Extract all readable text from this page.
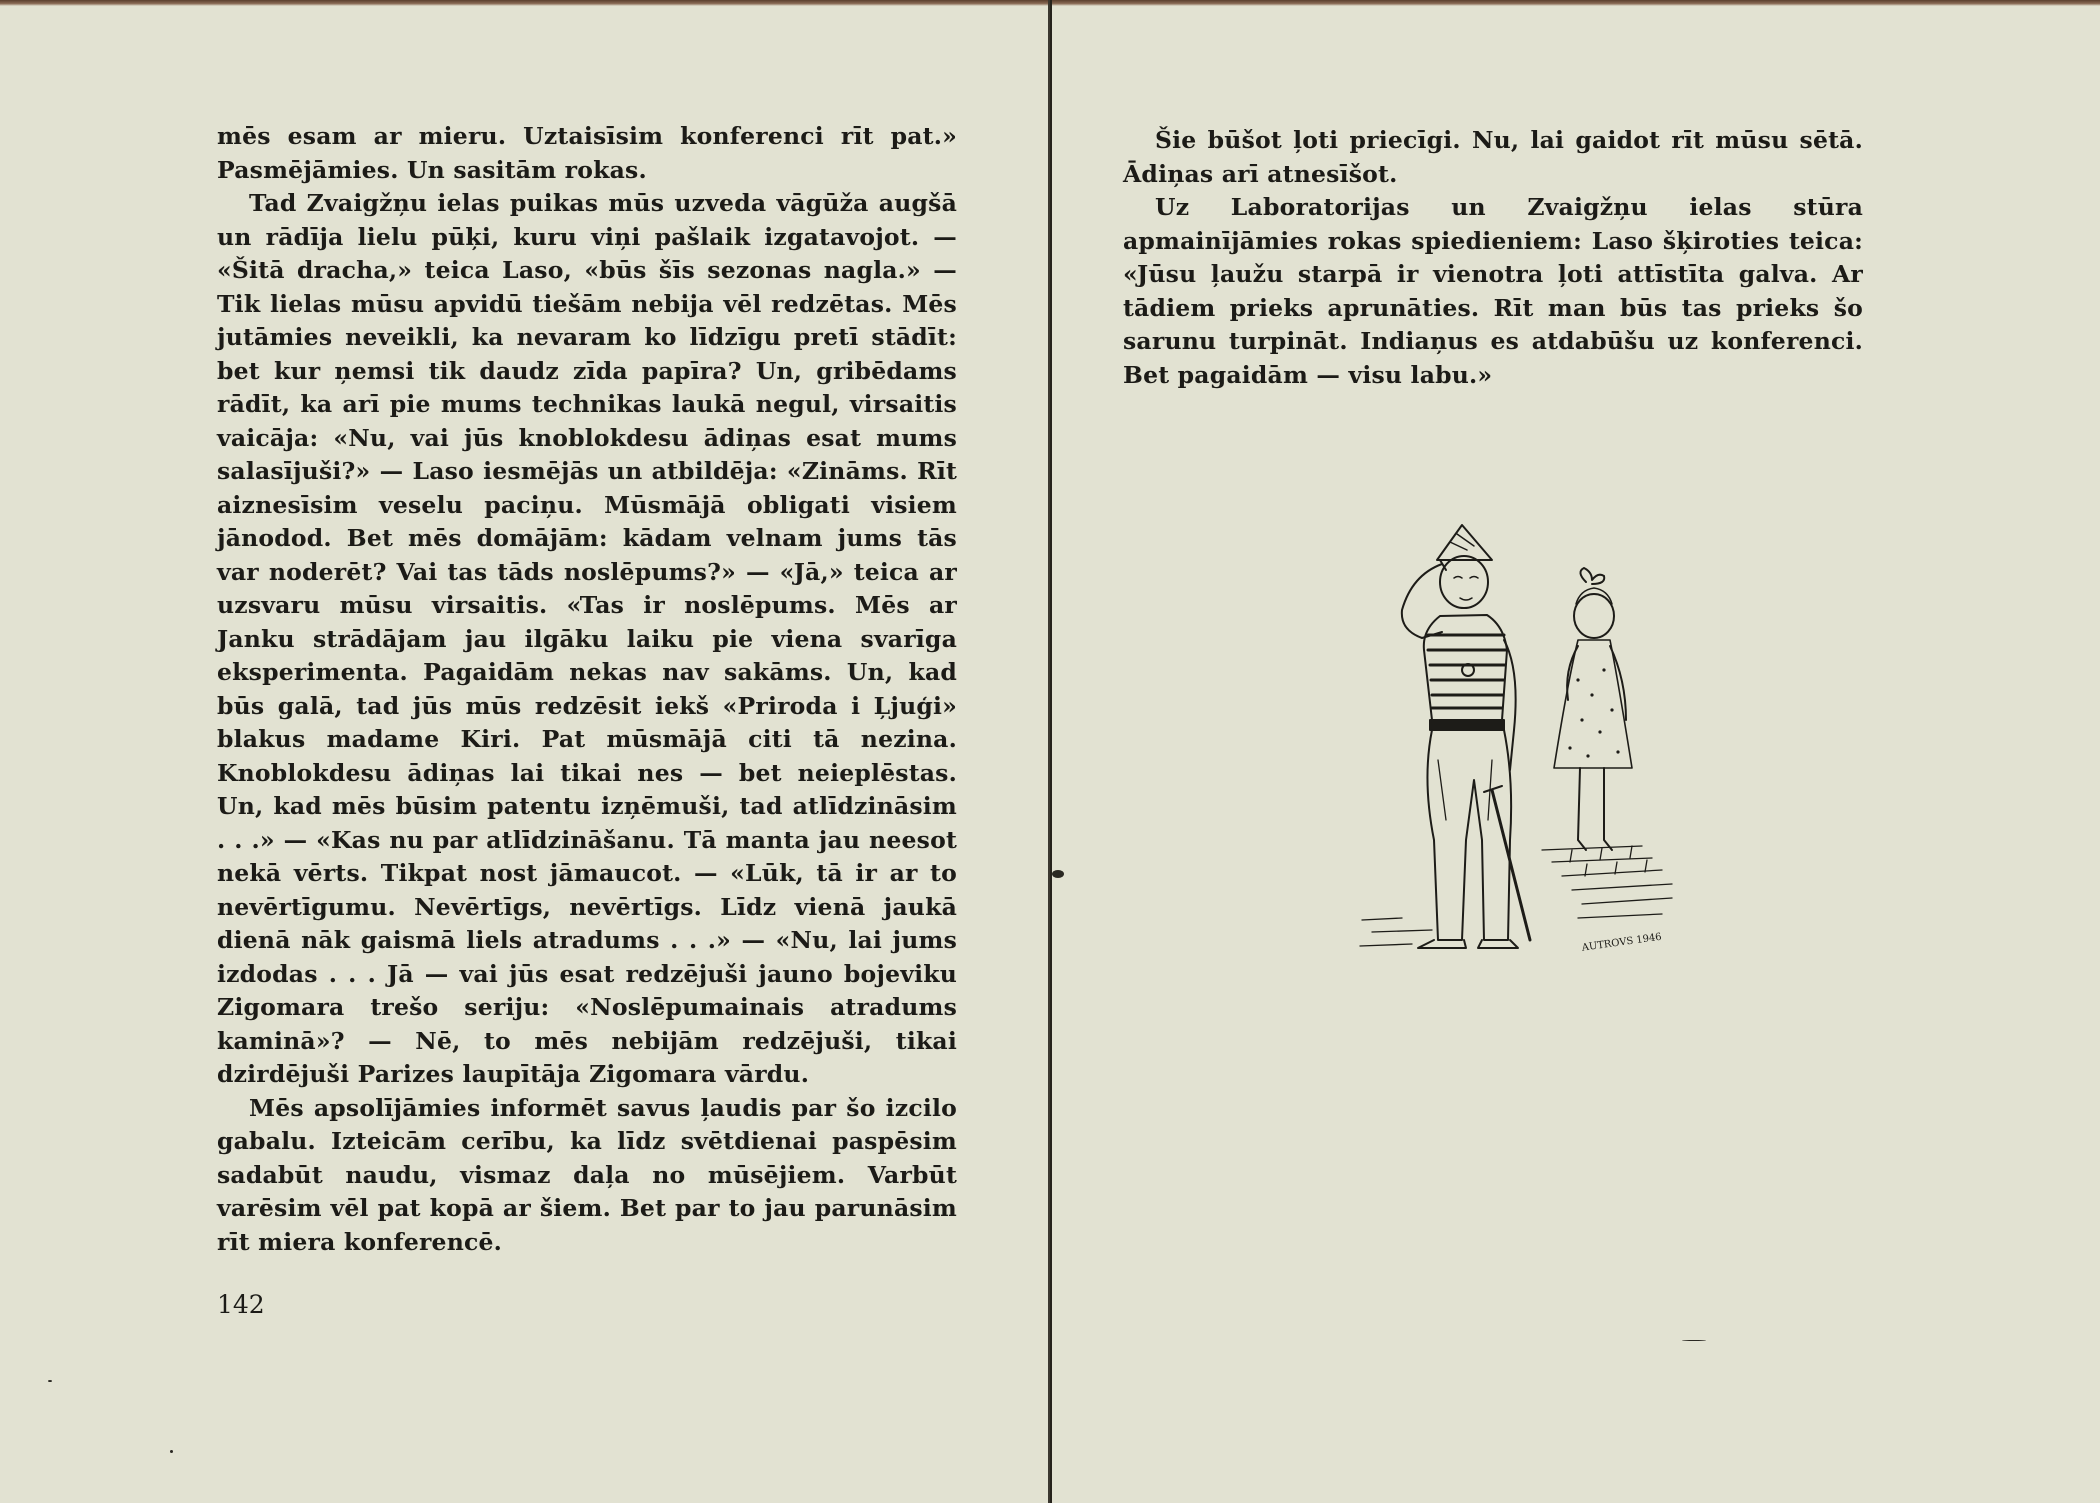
mēs esam ar mieru. Uztaisīsim konferenci rīt pat.» Pasmējāmies. Un sasitām rokas.

Tad Zvaigžņu ielas puikas mūs uzveda vāgūža augšā un rādīja lielu pūķi, kuru viņi pašlaik izgatavojot. — «Šitā dracha,» teica Laso, «būs šīs sezonas nagla.» — Tik lielas mūsu apvidū tiešām nebija vēl redzētas. Mēs jutāmies neveikli, ka nevaram ko līdzīgu pretī stādīt: bet kur ņemsi tik daudz zīda papīra? Un, gribēdams rādīt, ka arī pie mums technikas laukā negul, virsaitis vaicāja: «Nu, vai jūs knoblokdesu ādiņas esat mums salasījuši?» — Laso iesmējās un atbildēja: «Zināms. Rīt aiznesīsim veselu paciņu. Mūsmājā obligati visiem jānodod. Bet mēs domājām: kādam velnam jums tās var noderēt? Vai tas tāds noslēpums?» — «Jā,» teica ar uzsvaru mūsu virsaitis. «Tas ir noslēpums. Mēs ar Janku strādājam jau ilgāku laiku pie viena svarīga eksperimenta. Pagaidām nekas nav sakāms. Un, kad būs galā, tad jūs mūs redzēsit iekš «Priroda i Ļjuģi» blakus madame Kiri. Pat mūsmājā citi tā nezina. Knoblokdesu ādiņas lai tikai nes — bet neieplēstas. Un, kad mēs būsim patentu izņēmuši, tad atlīdzināsim . . .» — «Kas nu par atlīdzināšanu. Tā manta jau neesot nekā vērts. Tikpat nost jāmaucot. — «Lūk, tā ir ar to nevērtīgumu. Nevērtīgs, nevērtīgs. Līdz vienā jaukā dienā nāk gaismā liels atradums . . .» — «Nu, lai jums izdodas . . . Jā — vai jūs esat redzējuši jauno bojeviku Zigomara trešo seriju: «Noslēpumainais atradums kaminā»? — Nē, to mēs nebijām redzējuši, tikai dzirdējuši Parizes laupītāja Zigomara vārdu.

Mēs apsolījāmies informēt savus ļaudis par šo izcilo gabalu. Izteicām cerību, ka līdz svētdienai paspēsim sadabūt naudu, vismaz daļa no mūsējiem. Varbūt varēsim vēl pat kopā ar šiem. Bet par to jau parunāsim rīt miera konferencē.

142

Šie būšot ļoti priecīgi. Nu, lai gaidot rīt mūsu sētā. Ādiņas arī atnesīšot.

Uz Laboratorijas un Zvaigžņu ielas stūra apmainījāmies rokas spiedieniem: Laso šķiroties teica: «Jūsu ļaužu starpā ir vienotra ļoti attīstīta galva. Ar tādiem prieks aprunāties. Rīt man būs tas prieks šo sarunu turpināt. Indiaņus es atdabūšu uz konferenci. Bet pagaidām — visu labu.»

AUTROVS 1946
